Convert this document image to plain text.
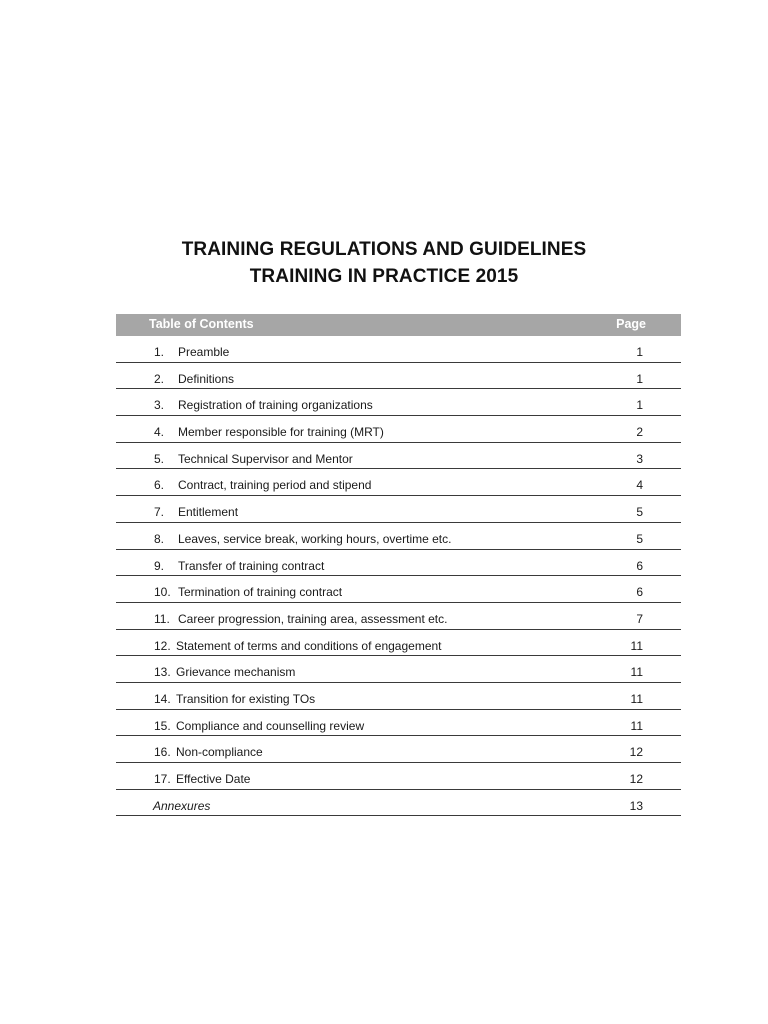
TRAINING REGULATIONS AND GUIDELINES
TRAINING IN PRACTICE 2015
Table of Contents	Page
1.	Preamble	1
2.	Definitions	1
3.	Registration of training organizations	1
4.	Member responsible for training (MRT)	2
5.	Technical Supervisor and Mentor	3
6.	Contract, training period and stipend	4
7.	Entitlement	5
8.	Leaves, service break, working hours, overtime etc.	5
9.	Transfer of training contract	6
10. Termination of training contract	6
11. Career progression, training area, assessment etc.	7
12. Statement of terms and conditions of engagement	11
13. Grievance mechanism	11
14. Transition for existing TOs	11
15. Compliance and counselling review	11
16. Non-compliance	12
17. Effective Date	12
Annexures	13
